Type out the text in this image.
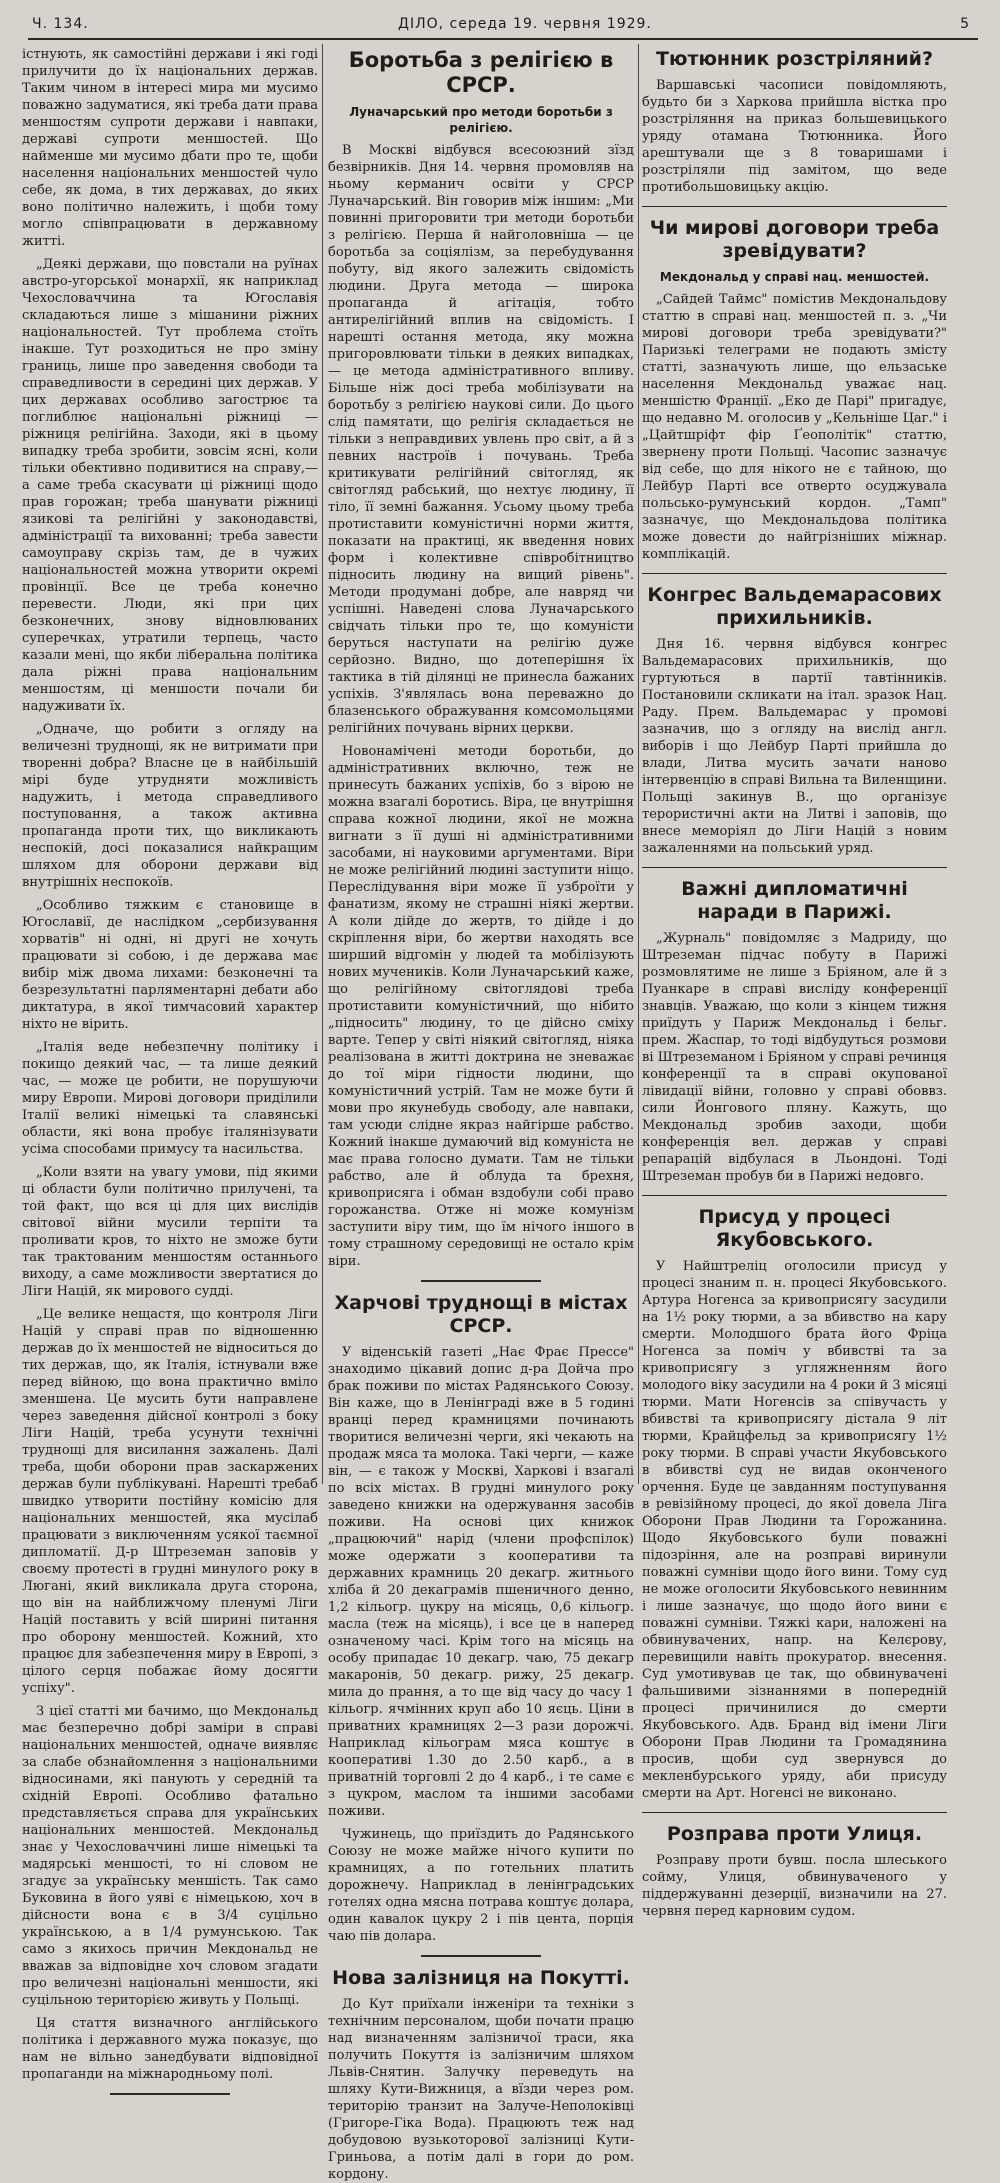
Ч. 134.	ДІЛО, середа 19. червня 1929.	5

істнують, як самостійні держави і які годі прилучити до їх національних держав. Таким чином в інтересі мира ми мусимо поважно задуматися, які треба дати права меншостям супроти держави і навпаки, державі супроти меншостей. Що найменше ми мусимо дбати про те, щоби населення національних меншостей чуло себе, як дома, в тих державах, до яких воно політично належить, і щоби тому могло співпрацювати в державному житті.

„Деякі держави, що повстали на руїнах австро-угорської монархії, як наприклад Чехословаччина та Югославія складаються лише з мішанини ріжних національностей. Тут проблема стоїть інакше. Тут розходиться не про зміну границь, лише про заведення свободи та справедливости в середині цих держав. У цих державах особливо загострює та поглиблює національні ріжниці — ріжниця релігійна. Заходи, які в цьому випадку треба зробити, зовсім ясні, коли тільки обективно подивитися на справу,— а саме треба скасувати ці ріжниці щодо прав горожан; треба шанувати ріжниці язикові та релігійні у законодавстві, адміністрації та вихованні; треба завести самоуправу скрізь там, де в чужих національностей можна утворити окремі провінції. Все це треба конечно перевести. Люди, які при цих безконечних, знову відновлюваних суперечках, утратили терпець, часто казали мені, що якби ліберальна політика дала ріжні права національним меншостям, ці меншости почали би надуживати їх.

„Одначе, що робити з огляду на величезні труднощі, як не витримати при творенні добра? Власне це в найбільшій мірі буде утрудняти можливість надужить, і метода справедливого поступовання, а також активна пропаганда проти тих, що викликають неспокій, досі показалися найкращим шляхом для оборони держави від внутрішніх неспокоїв.

„Особливо тяжким є становище в Югославії, де наслідком „сербизування хорватів" ні одні, ні другі не хочуть працювати зі собою, і де держава має вибір між двома лихами: безконечні та безрезультатні парляментарні дебати або диктатура, в якої тимчасовий характер ніхто не вірить.

„Італія веде небезпечну політику і покищо деякий час, — та лише деякий час, — може це робити, не порушуючи миру Европи. Мирові договори приділили Італії великі німецькі та славянські области, які вона пробує італянізувати усіма способами примусу та насильства.

„Коли взяти на увагу умови, під якими ці области були політично прилучені, та той факт, що вся ці для цих вислідів світової війни мусили терпіти та проливати кров, то ніхто не зможе бути так трактованим меншостям останнього виходу, а саме можливости звертатися до Ліги Націй, як мирового судді.

„Це велике нещастя, що контроля Ліги Націй у справі прав по відношенню держав до їх меншостей не відноситься до тих держав, що, як Італія, істнували вже перед війною, що вона практично вміло зменшена. Це мусить бути направлене через заведення дійсної контролі з боку Ліги Націй, треба усунути технічні труднощі для висилання зажалень. Далі треба, щоби оборони прав заскаржених держав були публікувані. Нарешті требаб швидко утворити постійну комісію для національних меншостей, яка мусілаб працювати з виключенням усякої таємної дипломатії. Д-р Штреземан заповів у своєму протесті в грудні минулого року в Люгані, який викликала друга сторона, що він на найближчому пленумі Ліги Націй поставить у всій ширині питання про оборону меншостей. Кожний, хто працює для забезпечення миру в Европі, з цілого серця побажає йому досягти успіху".

З цієї статті ми бачимо, що Мекдональд має безперечно добрі заміри в справі національних меншостей, одначе виявляє за слабе обзнайомлення з національними відносинами, які панують у середній та східній Европі. Особливо фатально представляється справа для українських національних меншостей. Мекдональд знає у Чехословаччині лише німецькі та мадярські меншості, то ні словом не згадує за українську меншість. Так само Буковина в його уяві є німецькою, хоч в дійсности вона є в 3/4 суцільно українською, а в 1/4 румунською. Так само з якихось причин Мекдональд не вважав за відповідне хоч словом згадати про величезні національні меншости, які суцільною територією живуть у Польщі.

Ця стаття визначного англійського політика і державного мужа показує, що нам не вільно занедбувати відповідної пропаганди на міжнародньому полі.

Боротьба з релігією в СРСР.
Луначарський про методи боротьби з релігією.

В Москві відбувся всесоюзний зїзд безвірників. Дня 14. червня промовляв на ньому керманич освіти у СРСР Луначарський. Він говорив між іншим: „Ми повинні пригоровити три методи боротьби з релігією. Перша й найголовніша — це боротьба за соціялізм, за перебудування побуту, від якого залежить свідомість людини. Друга метода — широка пропаганда й агітація, тобто антирелігійний вплив на свідомість. І нарешті остання метода, яку можна пригоровлювати тільки в деяких випадках, — це метода адміністративного впливу. Більше ніж досі треба мобілізувати на боротьбу з релігією наукові сили. До цього слід памятати, що релігія складається не тільки з неправдивих увлень про світ, а й з певних настроїв і почувань. Треба критикувати релігійний світогляд, як світогляд рабський, що нехтує людину, її тіло, її земні бажання. Усьому цьому треба протиставити комуністичні норми життя, показати на практиці, як введення нових форм і колективне співробітництво підносить людину на вищий рівень". Методи продумані добре, але навряд чи успішні. Наведені слова Луначарського свідчать тільки про те, що комуністи беруться наступати на релігію дуже серйозно. Видно, що дотеперішня їх тактика в тій ділянці не принесла бажаних успіхів. З'являлась вона переважно до блазенського ображування комсомольцями релігійних почувань вірних церкви.

Новонамічені методи боротьби, до адміністративних включно, теж не принесуть бажаних успіхів, бо з вірою не можна взагалі боротись. Віра, це внутрішня справа кожної людини, якої не можна вигнати з її душі ні адміністративними засобами, ні науковими аргументами. Віри не може релігійний людині заступити ніщо. Переслідування віри може її узброїти у фанатизм, якому не страшні ніякі жертви. А коли дійде до жертв, то дійде і до скріплення віри, бо жертви находять все ширший відгомін у людей та мобілізують нових мучеників. Коли Луначарський каже, що релігійному світоглядові треба протиставити комуністичний, що нібито „підносить" людину, то це дійсно сміху варте. Тепер у світі ніякий світогляд, ніяка реалізована в житті доктрина не зневажає до тої міри гідности людини, що комуністичний устрій. Там не може бути й мови про якунебудь свободу, але навпаки, там усюди слідне якраз найгірше рабство. Кожний інакше думаючий від комуніста не має права голосно думати. Там не тільки рабство, але й облуда та брехня, кривоприсяга і обман вздобули собі право горожанства. Отже ні може комунізм заступити віру тим, що їм нічого іншого в тому страшному середовищі не остало крім віри.

Харчові труднощі в містах СРСР.

У віденській газеті „Нає Фрає Прессе" знаходимо цікавий допис д-ра Дойча про брак поживи по містах Радянського Союзу. Він каже, що в Ленінграді вже в 5 годині вранці перед крамницями починають творитися величезні черги, які чекають на продаж мяса та молока. Такі черги, — каже він, — є також у Москві, Харкові і взагалі по всіх містах. В грудні минулого року заведено книжки на одержування засобів поживи. На основі цих книжок „працюючий" нарід (члени профспілок) може одержати з кооперативи та державних крамниць 20 декагр. житнього хліба й 20 декаграмів пшеничного денно, 1,2 кільогр. цукру на місяць, 0,6 кільогр. масла (теж на місяць), і все це в наперед означеному часі. Крім того на місяць на особу припадає 10 декагр. чаю, 75 декагр макаронів, 50 декагр. рижу, 25 декагр. мила до прання, а то ще від часу до часу 1 кільогр. ячмінних круп або 10 яєць. Ціни в приватних крамницях 2—3 рази дорожчі. Наприклад кільограм мяса коштує в кооперативі 1.30 до 2.50 карб., а в приватній торговлі 2 до 4 карб., і те саме є з цукром, маслом та іншими засобами поживи.

Чужинець, що приїздить до Радянського Союзу не може майже нічого купити по крамницях, а по готельних платить дорожнечу. Наприклад в ленінградських готелях одна мясна потрава коштує долара, один кавалок цукру 2 і пів цента, порція чаю пів долара.

Нова залізниця на Покутті.

До Кут приїхали інженіри та техніки з технічним персоналом, щоби почати працю над визначенням залізничої траси, яка получить Покуття із залізничим шляхом Львів-Снятин. Залучку переведуть на шляху Кути-Вижниця, а вїзди через ром. територію транзит на Залуче-Неполоківці (Григоре-Гіка Вода). Працюють теж над добудовою вузькоторової залізниці Кути-Гриньова, а потім далі в гори до ром. кордону.

Тютюнник розстріляний?

Варшавські часописи повідомляють, будьто би з Харкова прийшла вістка про розстріляння на приказ большевицького уряду отамана Тютюнника. Його арештували ще з 8 товаришами і розстріляли під замітом, що веде протибольшовицьку акцію.

Чи мирові договори треба зревідувати?
Мекдональд у справі нац. меншостей.

„Сайдей Таймс" помістив Мекдональдову статтю в справі нац. меншостей п. з. „Чи мирові договори треба зревідувати?" Паризькі телеграми не подають змісту статті, зазначують лише, що ельзаське населення Мекдональд уважає нац. меншістю Франції. „Еко де Парі" пригадує, що недавно М. оголосив у „Кельніше Цаг." і „Цайтшріфт фір Ґеополітік" статтю, звернену проти Польщі. Часопис зазначує від себе, що для нікого не є тайною, що Лейбур Парті все отверто осуджувала польсько-румунський кордон. „Тамп" зазначує, що Мекдональдова політика може довести до найгрізніших міжнар. комплікацій.

Конгрес Вальдемарасових прихильників.

Дня 16. червня відбувся конгрес Вальдемарасових прихильників, що гуртуються в партії тавтінників. Постановили скликати на італ. зразок Нац. Раду. Прем. Вальдемарас у промові зазначив, що з огляду на вислід англ. виборів і що Лейбур Парті прийшла до влади, Литва мусить зачати наново інтервенцію в справі Вильна та Виленщини. Польщі закинув В., що організує терористичні акти на Литві і заповів, що внесе меморіял до Ліги Націй з новим зажаленнями на польський уряд.

Важні дипломатичні наради в Парижі.

„Журналь" повідомляє з Мадриду, що Штреземан підчас побуту в Парижі розмовлятиме не лише з Бріяном, але й з Пуанкаре в справі висліду конференції знавців. Уважаю, що коли з кінцем тижня приїдуть у Париж Мекдональд і бельг. прем. Жаспар, то тоді відбудуться розмови ві Штреземаном і Бріяном у справі речинця конференції та в справі окупованої лівидації війни, головно у справі обоввз. сили Йонгового пляну. Кажуть, що Мекдональд зробив заходи, щоби конференція вел. держав у справі репарацій відбулася в Льондоні. Тоді Штреземан пробув би в Парижі недовго.

Присуд у процесі Якубовського.

У Найштреліц оголосили присуд у процесі знаним п. н. процесі Якубовського. Артура Ногенса за кривоприсягу засудили на 1½ року тюрми, а за вбивство на кару смерти. Молодшого брата його Фріца Ногенса за поміч у вбивстві та за кривоприсягу з угляжненням його молодого віку засудили на 4 роки й 3 місяці тюрми. Мати Ногенсів за співучасть у вбивстві та кривоприсягу дістала 9 літ тюрми, Крайцфельд за кривоприсягу 1½ року тюрми. В справі участи Якубовського в вбивстві суд не видав оконченого орчення. Буде це завданням поступування в ревізійному процесі, до якої довела Ліга Оборони Прав Людини та Горожанина. Щодо Якубовського були поважні підозріння, але на розправі виринули поважні сумніви щодо його вини. Тому суд не може оголосити Якубовського невинним і лише зазначує, що щодо його вини є поважні сумніви. Тяжкі кари, наложені на обвинувачених, напр. на Келєрову, перевищили навіть прокуратор. внесення. Суд умотивував це так, що обвинувачені фальшивими зізнаннями в попередній процесі причинилися до смерти Якубовського. Адв. Бранд від імени Ліги Оборони Прав Людини та Громадянина просив, щоби суд звернувся до мекленбурського уряду, аби присуду смерти на Арт. Ногенсі не виконано.

Розправа проти Улиця.

Розправу проти бувш. посла шлеського сойму, Улиця, обвинуваченого у піддержуванні дезерції, визначили на 27. червня перед карновим судом.
